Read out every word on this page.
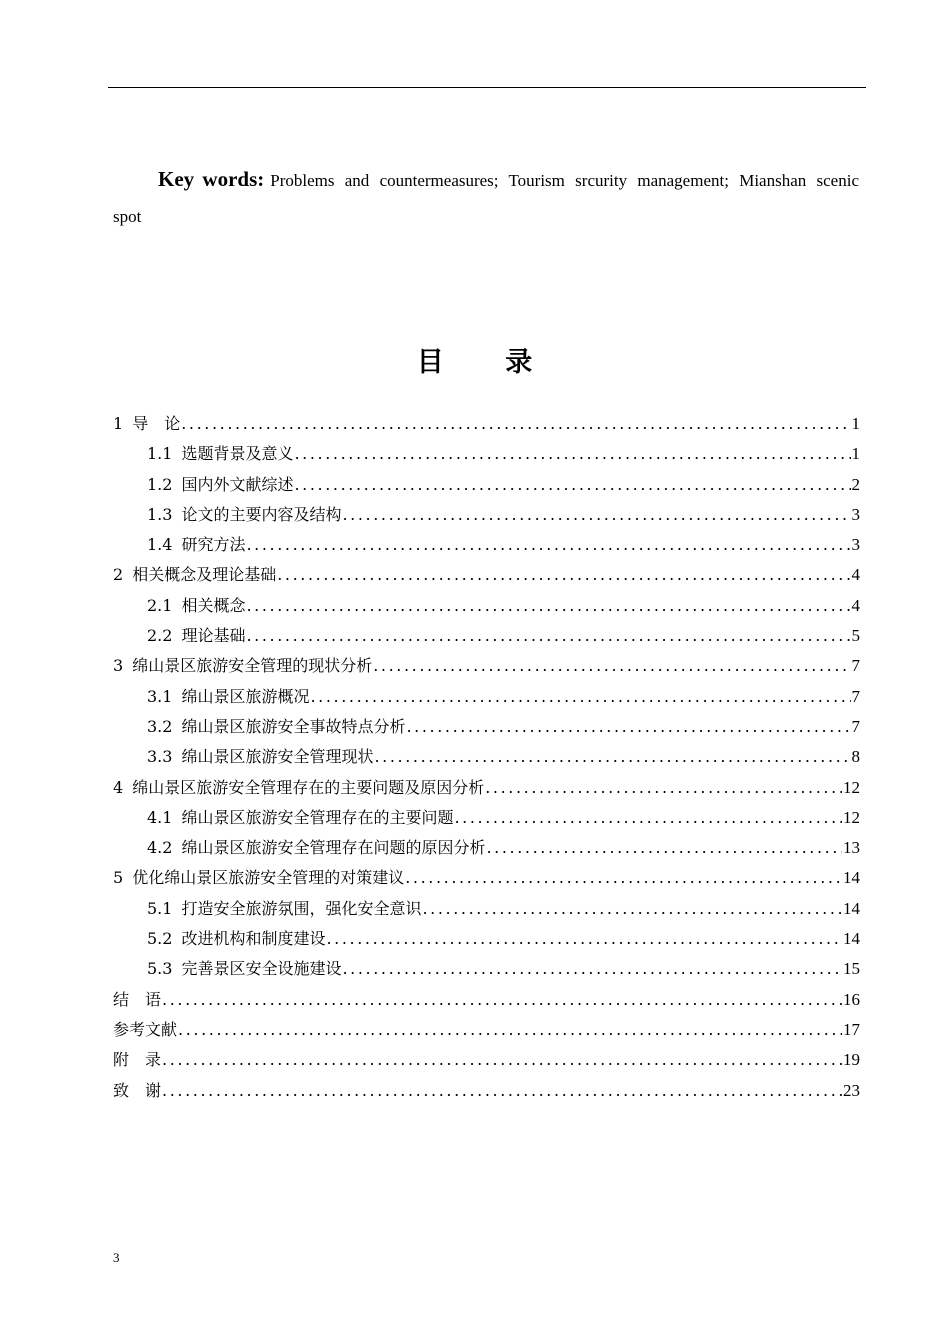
Key words: Problems and countermeasures; Tourism srcurity management; Mianshan scenic spot

目 录
1 导　论 .....	1
1.1 选题背景及意义 .....	1
1.2 国内外文献综述 .....	2
1.3 论文的主要内容及结构 .....	3
1.4 研究方法 .....	3
2 相关概念及理论基础 .....	4
2.1 相关概念 .....	4
2.2 理论基础 .....	5
3 绵山景区旅游安全管理的现状分析 .....	7
3.1 绵山景区旅游概况 .....	7
3.2 绵山景区旅游安全事故特点分析 .....	7
3.3 绵山景区旅游安全管理现状 .....	8
4 绵山景区旅游安全管理存在的主要问题及原因分析 .....	12
4.1 绵山景区旅游安全管理存在的主要问题 .....	12
4.2 绵山景区旅游安全管理存在问题的原因分析 .....	13
5 优化绵山景区旅游安全管理的对策建议 .....	14
5.1 打造安全旅游氛围，强化安全意识 .....	14
5.2 改进机构和制度建设 .....	14
5.3 完善景区安全设施建设 .....	15
结　语 .....	16
参考文献 .....	17
附　录 .....	19
致　谢 .....	23
3
